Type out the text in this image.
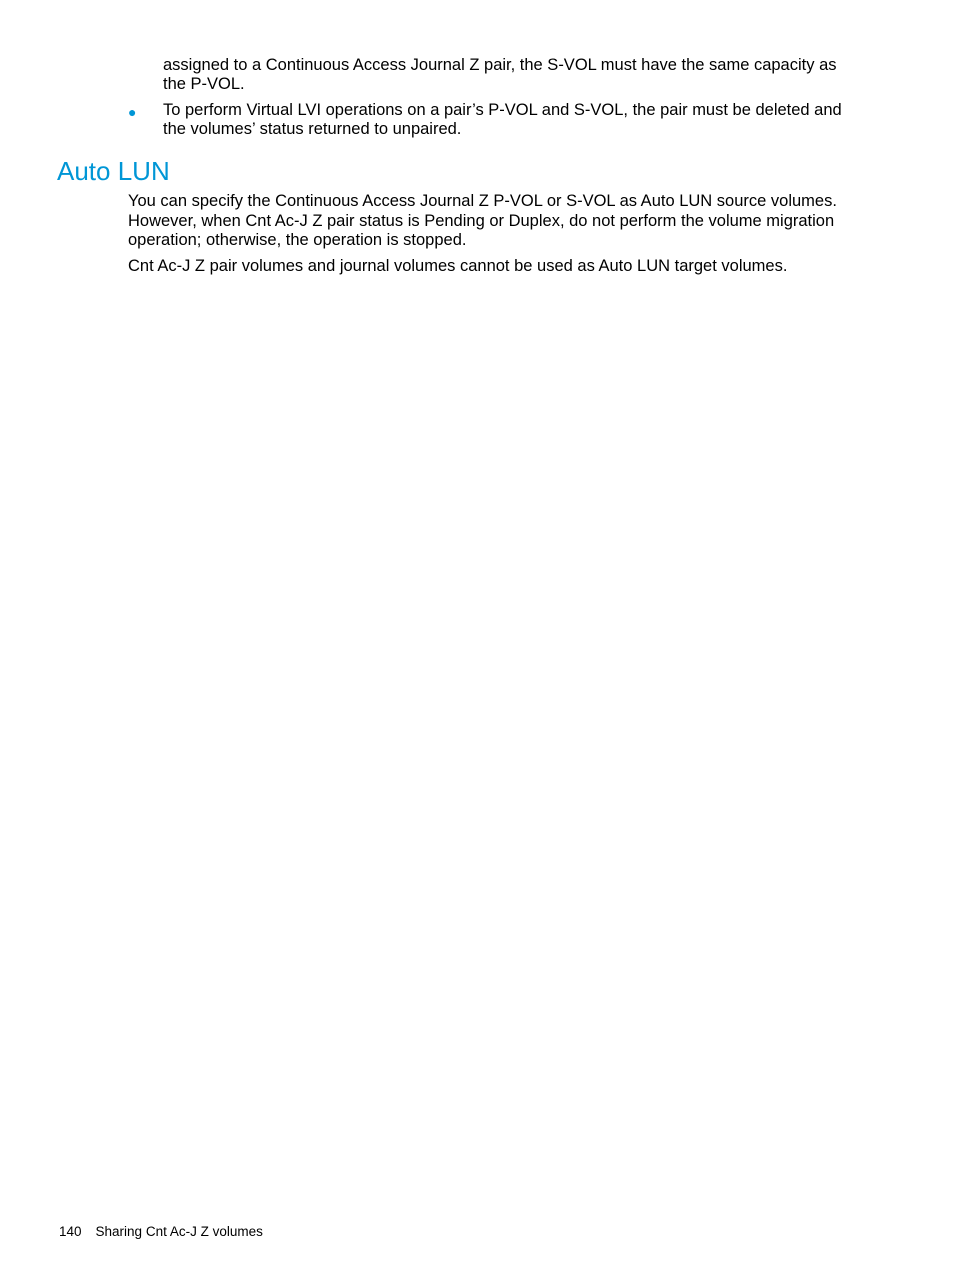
assigned to a Continuous Access Journal Z pair, the S-VOL must have the same capacity as the P-VOL.
● To perform Virtual LVI operations on a pair’s P-VOL and S-VOL, the pair must be deleted and the volumes’ status returned to unpaired.
Auto LUN

You can specify the Continuous Access Journal Z P-VOL or S-VOL as Auto LUN source volumes. However, when Cnt Ac-J Z pair status is Pending or Duplex, do not perform the volume migration operation; otherwise, the operation is stopped.

Cnt Ac-J Z pair volumes and journal volumes cannot be used as Auto LUN target volumes.

140 Sharing Cnt Ac-J Z volumes
